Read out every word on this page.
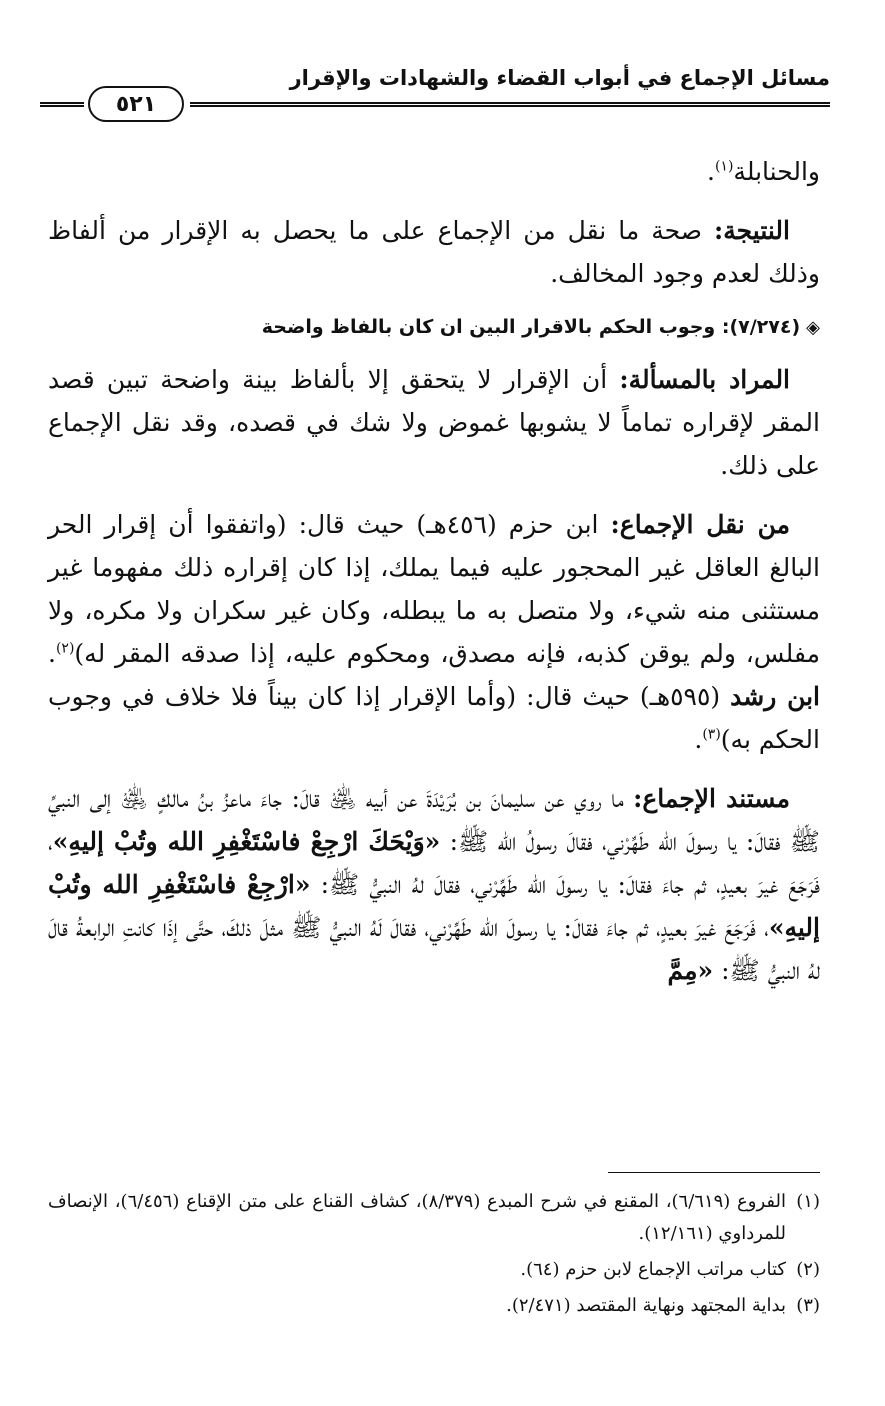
مسائل الإجماع في أبواب القضاء والشهادات والإقرار
٥٢١

والحنابلة$^{(١)}$.

النتيجة: صحة ما نقل من الإجماع على ما يحصل به الإقرار من ألفاظ وذلك لعدم وجود المخالف.

◈(٧/٢٧٤): وجوب الحكم بالاقرار البين ان كان بالفاظ واضحة

المراد بالمسألة: أن الإقرار لا يتحقق إلا بألفاظ بينة واضحة تبين قصد المقر لإقراره تماماً لا يشوبها غموض ولا شك في قصده، وقد نقل الإجماع على ذلك.

من نقل الإجماع: ابن حزم (٤٥٦هـ) حيث قال: (واتفقوا أن إقرار الحر البالغ العاقل غير المحجور عليه فيما يملك، إذا كان إقراره ذلك مفهوما غير مستثنى منه شيء، ولا متصل به ما يبطله، وكان غير سكران ولا مكره، ولا مفلس، ولم يوقن كذبه، فإنه مصدق، ومحكوم عليه، إذا صدقه المقر له)$^{(٢)}$. ابن رشد (٥٩٥هـ) حيث قال: (وأما الإقرار إذا كان بيناً فلا خلاف في وجوب الحكم به)$^{(٣)}$.

مستند الإجماع: ما روي عن سليمانَ بن بُرَيْدَةَ عن أبيه ﵁ قالَ: جاءَ ماعزُ بنُ مالكٍ ﵁ إلى النبيِّ ﷺ فقالَ: يا رسولَ الله طَهِّرْني، فقالَ رسولُ الله ﷺ: «وَيْحَكَ ارْجِعْ فاسْتَغْفِرِ الله وتُبْ إليهِ»، فَرَجَعَ غيرَ بعيدٍ، ثم جاءَ فقالَ: يا رسولَ الله طَهِّرْني، فقالَ لهُ النبيُّ ﷺ: «ارْجِعْ فاسْتَغْفِرِ الله وتُبْ إليهِ»، فَرَجَعَ غيرَ بعيدٍ، ثم جاءَ فقالَ: يا رسولَ الله طَهِّرْني، فقالَ لَهُ النبيُّ ﷺ مثلَ ذلكَ، حتَّى إذَا كانتِ الرابعةُ قالَ لهُ النبيُّ ﷺ: «مِمَّ

(١)
الفروع (٦/٦١٩)، المقنع في شرح المبدع (٨/٣٧٩)، كشاف القناع على متن الإقناع (٦/٤٥٦)، الإنصاف للمرداوي (١٢/١٦١).
(٢)
كتاب مراتب الإجماع لابن حزم (٦٤).
(٣)
بداية المجتهد ونهاية المقتصد (٢/٤٧١).
